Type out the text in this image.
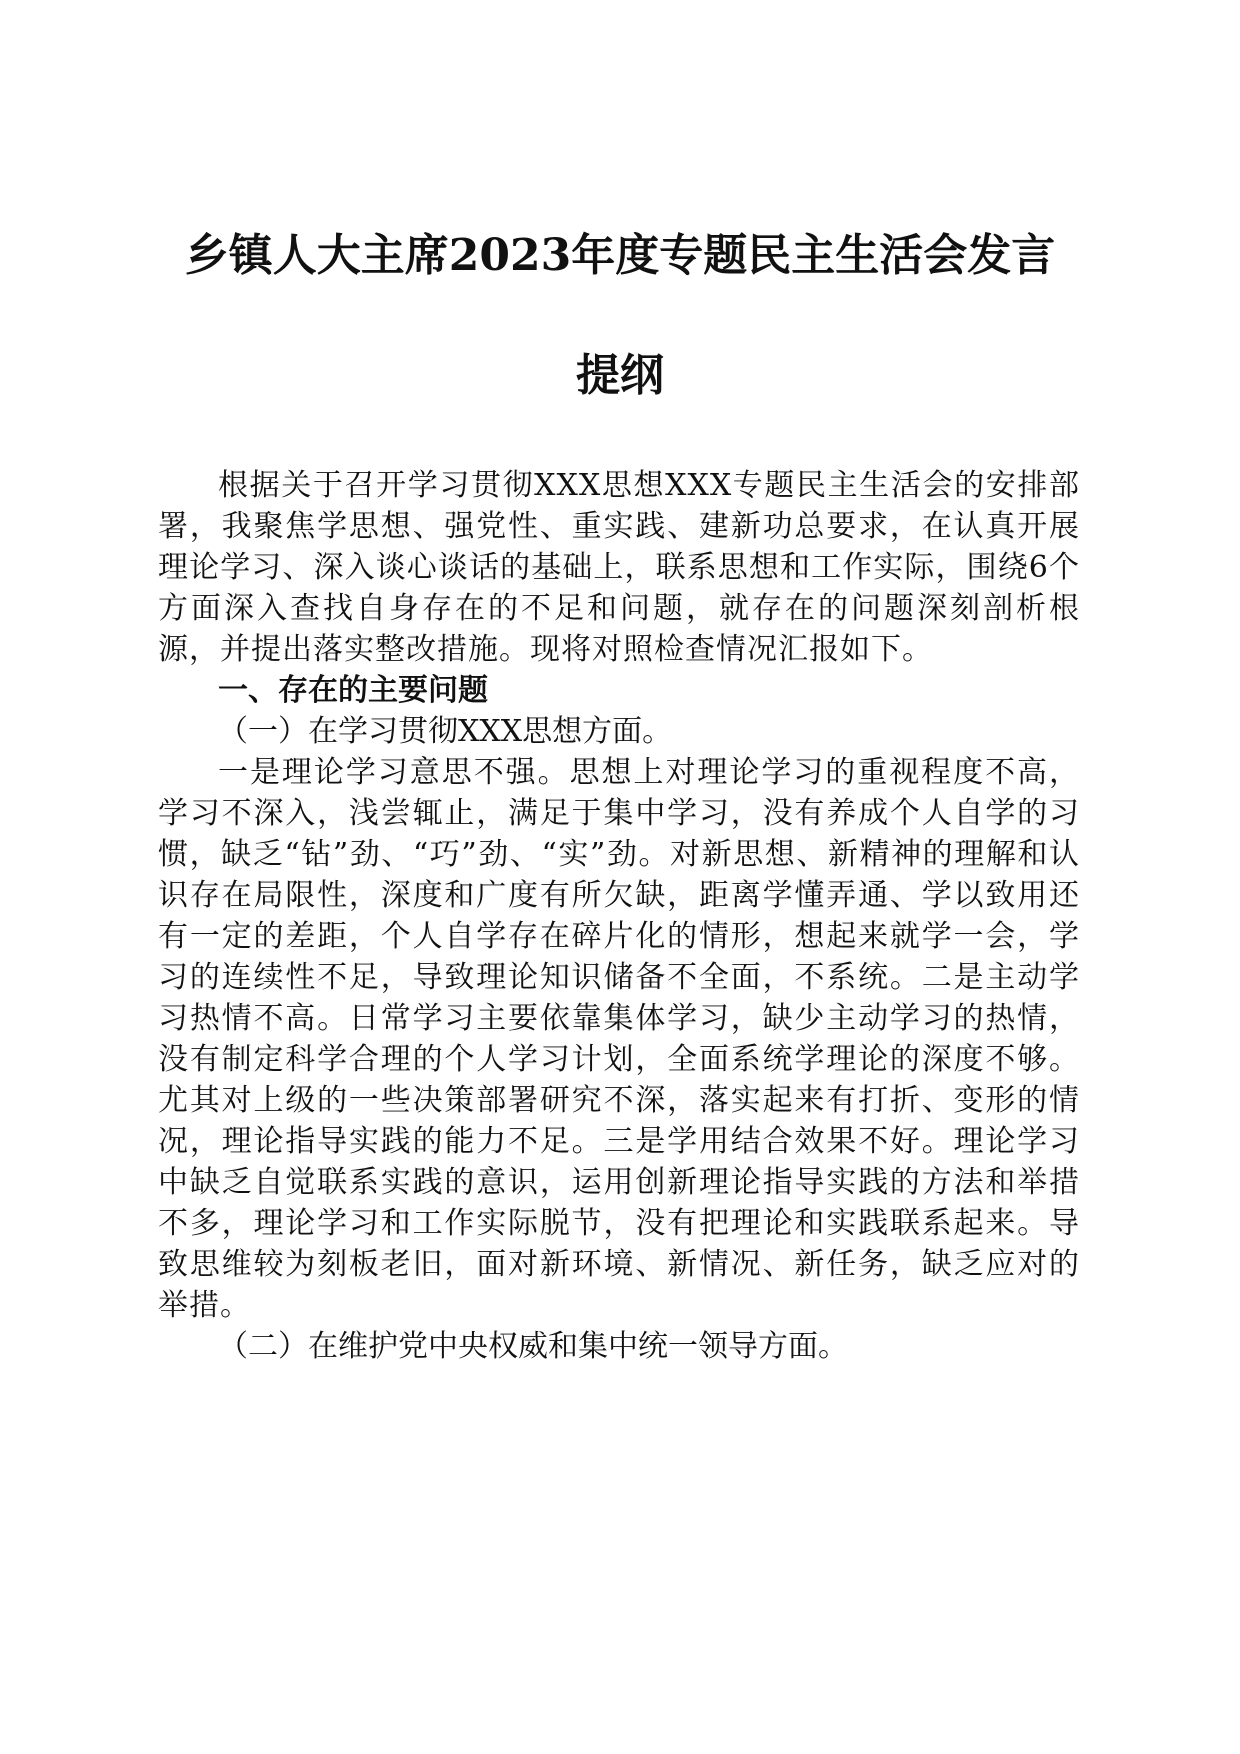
乡镇人大主席2023年度专题民主生活会发言
提纲

根据关于召开学习贯彻XXX思想XXX专题民主生活会的安排部署，我聚焦学思想、强党性、重实践、建新功总要求，在认真开展理论学习、深入谈心谈话的基础上，联系思想和工作实际，围绕6个方面深入查找自身存在的不足和问题，就存在的问题深刻剖析根源，并提出落实整改措施。现将对照检查情况汇报如下。

一、存在的主要问题

（一）在学习贯彻XXX思想方面。

一是理论学习意思不强。思想上对理论学习的重视程度不高，学习不深入，浅尝辄止，满足于集中学习，没有养成个人自学的习惯，缺乏“钻”劲、“巧”劲、“实”劲。对新思想、新精神的理解和认识存在局限性，深度和广度有所欠缺，距离学懂弄通、学以致用还有一定的差距，个人自学存在碎片化的情形，想起来就学一会，学习的连续性不足，导致理论知识储备不全面，不系统。二是主动学习热情不高。日常学习主要依靠集体学习，缺少主动学习的热情，没有制定科学合理的个人学习计划，全面系统学理论的深度不够。尤其对上级的一些决策部署研究不深，落实起来有打折、变形的情况，理论指导实践的能力不足。三是学用结合效果不好。理论学习中缺乏自觉联系实践的意识，运用创新理论指导实践的方法和举措不多，理论学习和工作实际脱节，没有把理论和实践联系起来。导致思维较为刻板老旧，面对新环境、新情况、新任务，缺乏应对的举措。

（二）在维护党中央权威和集中统一领导方面。
